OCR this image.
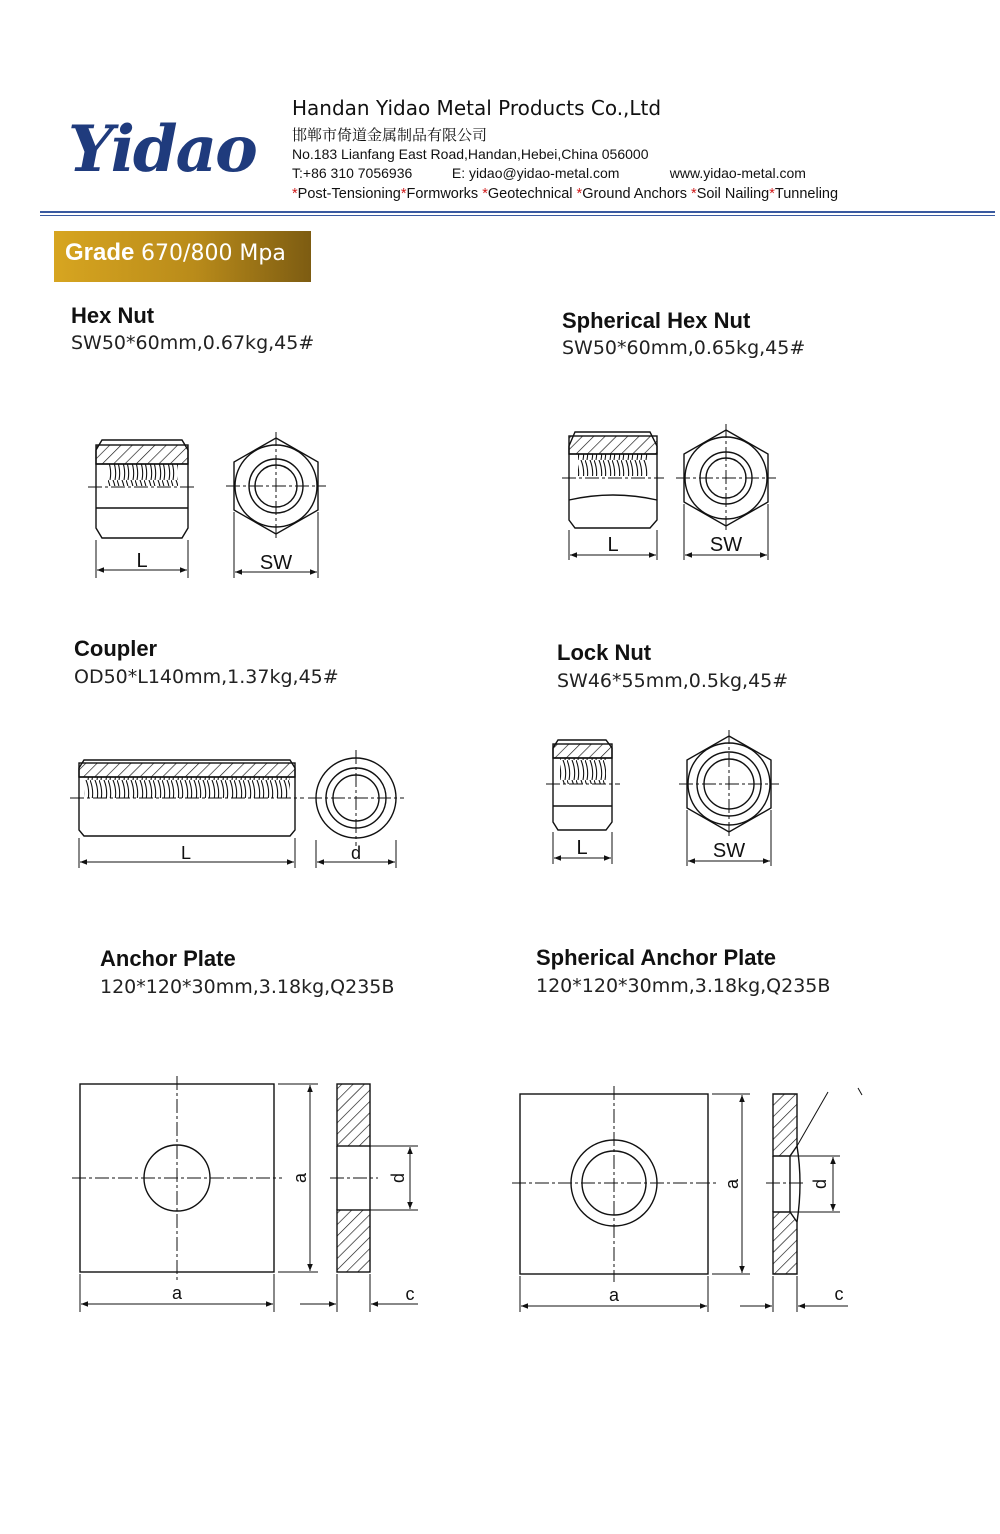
Yidao
Handan Yidao Metal Products Co.,Ltd
邯郸市倚道金属制品有限公司
No.183 Lianfang East Road,Handan,Hebei,China 056000
T:+86 310 7056936	E: yidao@yidao-metal.com	www.yidao-metal.com
*Post-Tensioning*Formworks *Geotechnical *Ground Anchors *Soil Nailing*Tunneling
Grade 670/800 Mpa
Hex Nut
SW50*60mm,0.67kg,45#
Spherical Hex Nut
SW50*60mm,0.65kg,45#
Coupler
OD50*L140mm,1.37kg,45#
Lock Nut
SW46*55mm,0.5kg,45#
Anchor Plate
120*120*30mm,3.18kg,Q235B
Spherical Anchor Plate
120*120*30mm,3.18kg,Q235B
L	SW
L	SW
L	d	L	SW
a
a	d
c	a
a	d
c
